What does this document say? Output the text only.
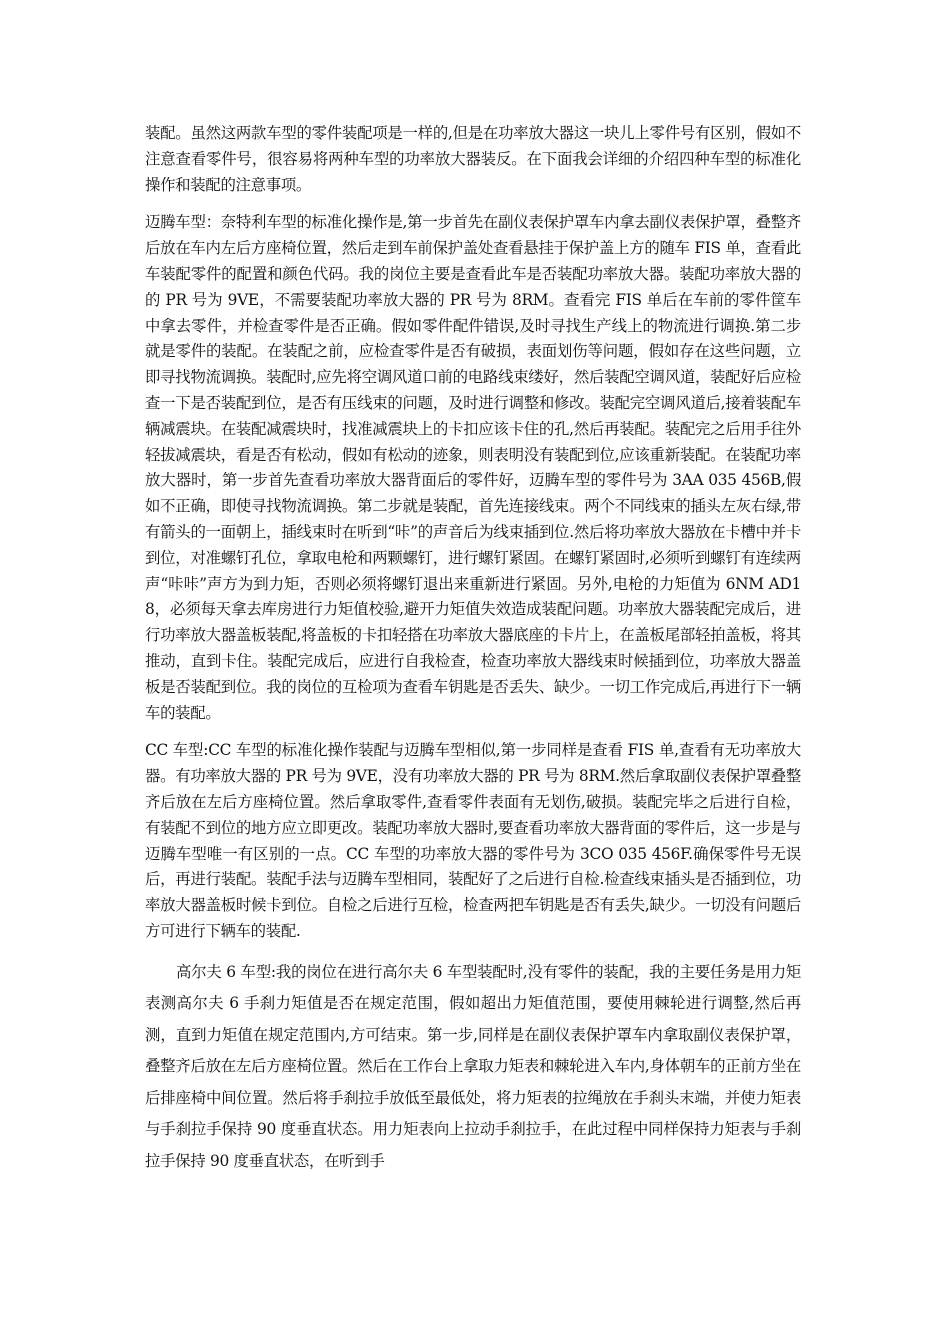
装配。虽然这两款车型的零件装配项是一样的,但是在功率放大器这一块儿上零件号有区别，假如不注意查看零件号，很容易将两种车型的功率放大器装反。在下面我会详细的介绍四种车型的标准化操作和装配的注意事项。

迈腾车型：奈特利车型的标准化操作是,第一步首先在副仪表保护罩车内拿去副仪表保护罩，叠整齐后放在车内左后方座椅位置，然后走到车前保护盖处查看悬挂于保护盖上方的随车 FIS 单，查看此车装配零件的配置和颜色代码。我的岗位主要是查看此车是否装配功率放大器。装配功率放大器的的 PR 号为 9VE，不需要装配功率放大器的 PR 号为 8RM。查看完 FIS 单后在车前的零件筐车中拿去零件，并检查零件是否正确。假如零件配件错误,及时寻找生产线上的物流进行调换.第二步就是零件的装配。在装配之前，应检查零件是否有破损，表面划伤等问题，假如存在这些问题，立即寻找物流调换。装配时,应先将空调风道口前的电路线束缕好，然后装配空调风道，装配好后应检查一下是否装配到位，是否有压线束的问题，及时进行调整和修改。装配完空调风道后,接着装配车辆减震块。在装配减震块时，找准减震块上的卡扣应该卡住的孔,然后再装配。装配完之后用手往外轻拔减震块，看是否有松动，假如有松动的迹象，则表明没有装配到位,应该重新装配。在装配功率放大器时，第一步首先查看功率放大器背面后的零件好，迈腾车型的零件号为 3AA 035 456B,假如不正确，即使寻找物流调换。第二步就是装配，首先连接线束。两个不同线束的插头左灰右绿,带有箭头的一面朝上，插线束时在听到“咔”的声音后为线束插到位.然后将功率放大器放在卡槽中并卡到位，对准螺钉孔位，拿取电枪和两颗螺钉，进行螺钉紧固。在螺钉紧固时,必须听到螺钉有连续两声“咔咔”声方为到力矩，否则必须将螺钉退出来重新进行紧固。另外,电枪的力矩值为 6NM AD18，必须每天拿去库房进行力矩值校验,避开力矩值失效造成装配问题。功率放大器装配完成后，进行功率放大器盖板装配,将盖板的卡扣轻搭在功率放大器底座的卡片上，在盖板尾部轻拍盖板，将其推动，直到卡住。装配完成后，应进行自我检查，检查功率放大器线束时候插到位，功率放大器盖板是否装配到位。我的岗位的互检项为查看车钥匙是否丢失、缺少。一切工作完成后,再进行下一辆车的装配。

CC 车型:CC 车型的标准化操作装配与迈腾车型相似,第一步同样是查看 FIS 单,查看有无功率放大器。有功率放大器的 PR 号为 9VE，没有功率放大器的 PR 号为 8RM.然后拿取副仪表保护罩叠整齐后放在左后方座椅位置。然后拿取零件,查看零件表面有无划伤,破损。装配完毕之后进行自检，有装配不到位的地方应立即更改。装配功率放大器时,要查看功率放大器背面的零件后，这一步是与迈腾车型唯一有区别的一点。CC 车型的功率放大器的零件号为 3CO 035 456F.确保零件号无误后，再进行装配。装配手法与迈腾车型相同，装配好了之后进行自检.检查线束插头是否插到位，功率放大器盖板时候卡到位。自检之后进行互检，检查两把车钥匙是否有丢失,缺少。一切没有问题后方可进行下辆车的装配.

高尔夫 6 车型:我的岗位在进行高尔夫 6 车型装配时,没有零件的装配，我的主要任务是用力矩表测高尔夫 6 手刹力矩值是否在规定范围，假如超出力矩值范围，要使用棘轮进行调整,然后再测，直到力矩值在规定范围内,方可结束。第一步,同样是在副仪表保护罩车内拿取副仪表保护罩，叠整齐后放在左后方座椅位置。然后在工作台上拿取力矩表和棘轮进入车内,身体朝车的正前方坐在后排座椅中间位置。然后将手刹拉手放低至最低处，将力矩表的拉绳放在手刹头末端，并使力矩表与手刹拉手保持 90 度垂直状态。用力矩表向上拉动手刹拉手，在此过程中同样保持力矩表与手刹拉手保持 90 度垂直状态，在听到手
